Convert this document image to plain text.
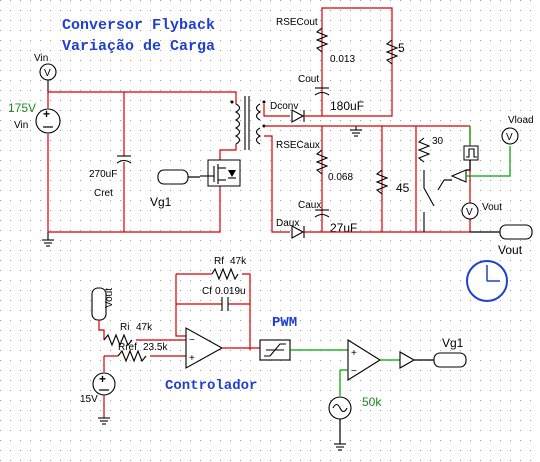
Conversor Flyback
Variação de Carga
+
175V
Vin
V
Vin
270uF
Cret
Vg1
Dconv
RSECout
0.013
Cout
180uF
5
RSECaux
0.068
Caux
27uF
Daux
45
30	V
Vload
V Vout
Vout
Vout
Rf 47k
Cf 0.019u
Ri 47k
Rref 23.5k
+
15V
−
+
PWM
Controlador
+
−
Vg1
50k
